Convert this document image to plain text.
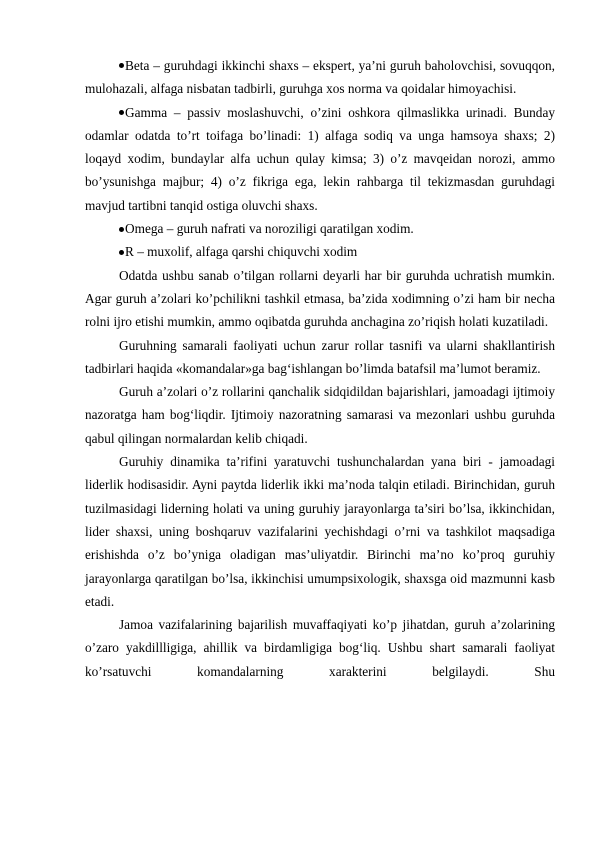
Beta – guruhdagi ikkinchi shaxs – ekspert, ya’ni guruh baholovchisi, sovuqqon, mulohazali, alfaga nisbatan tadbirli, guruhga xos norma va qoidalar himoyachisi.

Gamma – passiv moslashuvchi, o’zini oshkora qilmaslikka urinadi. Bunday odamlar odatda to’rt toifaga bo’linadi: 1) alfaga sodiq va unga hamsoya shaxs; 2) loqayd xodim, bundaylar alfa uchun qulay kimsa; 3) o’z mavqeidan norozi, ammo bo’ysunishga majbur; 4) o’z fikriga ega, lekin rahbarga til tekizmasdan guruhdagi mavjud tartibni tanqid ostiga oluvchi shaxs.

Omega – guruh nafrati va noroziligi qaratilgan xodim.

R – muxolif, alfaga qarshi chiquvchi xodim

Odatda ushbu sanab o’tilgan rollarni deyarli har bir guruhda uchratish mumkin. Agar guruh a’zolari ko’pchilikni tashkil etmasa, ba’zida xodimning o’zi ham bir necha rolni ijro etishi mumkin, ammo oqibatda guruhda anchagina zo’riqish holati kuzatiladi.

Guruhning samarali faoliyati uchun zarur rollar tasnifi va ularni shakllantirish tadbirlari haqida «komandalar»ga bag‘ishlangan bo’limda batafsil ma’lumot beramiz.

Guruh a’zolari o’z rollarini qanchalik sidqidildan bajarishlari, jamoadagi ijtimoiy nazoratga ham bog‘liqdir. Ijtimoiy nazoratning samarasi va mezonlari ushbu guruhda qabul qilingan normalardan kelib chiqadi.

Guruhiy dinamika ta’rifini yaratuvchi tushunchalardan yana biri - jamoadagi liderlik hodisasidir. Ayni paytda liderlik ikki ma’noda talqin etiladi. Birinchidan, guruh tuzilmasidagi liderning holati va uning guruhiy jarayonlarga ta’siri bo’lsa, ikkinchidan, lider shaxsi, uning boshqaruv vazifalarini yechishdagi o’rni va tashkilot maqsadiga erishishda o’z bo’yniga oladigan mas’uliyatdir. Birinchi ma’no ko’proq guruhiy jarayonlarga qaratilgan bo’lsa, ikkinchisi umumpsixologik, shaxsga oid mazmunni kasb etadi.

Jamoa vazifalarining bajarilish muvaffaqiyati ko’p jihatdan, guruh a’zolarining o’zaro yakdillligiga, ahillik va birdamligiga bog‘liq. Ushbu shart samarali faoliyat ko’rsatuvchi komandalarning xarakterini belgilaydi. Shu
